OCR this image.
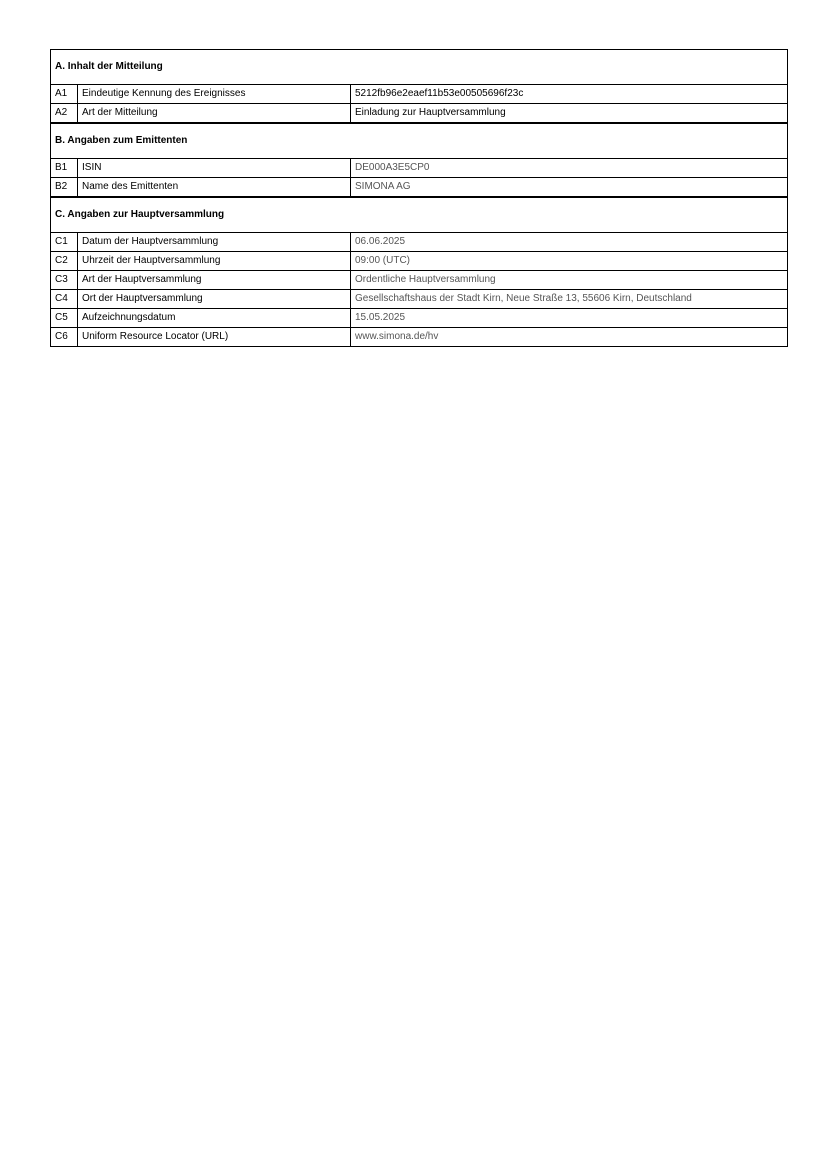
A. Inhalt der Mitteilung		
A1	Eindeutige Kennung des Ereignisses	5212fb96e2eaef11b53e00505696f23c
A2	Art der Mitteilung	Einladung zur Hauptversammlung
B. Angaben zum Emittenten		
B1	ISIN	DE000A3E5CP0
B2	Name des Emittenten	SIMONA AG
C. Angaben zur Hauptversammlung		
C1	Datum der Hauptversammlung	06.06.2025
C2	Uhrzeit der Hauptversammlung	09:00 (UTC)
C3	Art der Hauptversammlung	Ordentliche Hauptversammlung
C4	Ort der Hauptversammlung	Gesellschaftshaus der Stadt Kirn, Neue Straße 13, 55606 Kirn, Deutschland
C5	Aufzeichnungsdatum	15.05.2025
C6	Uniform Resource Locator (URL)	www.simona.de/hv
